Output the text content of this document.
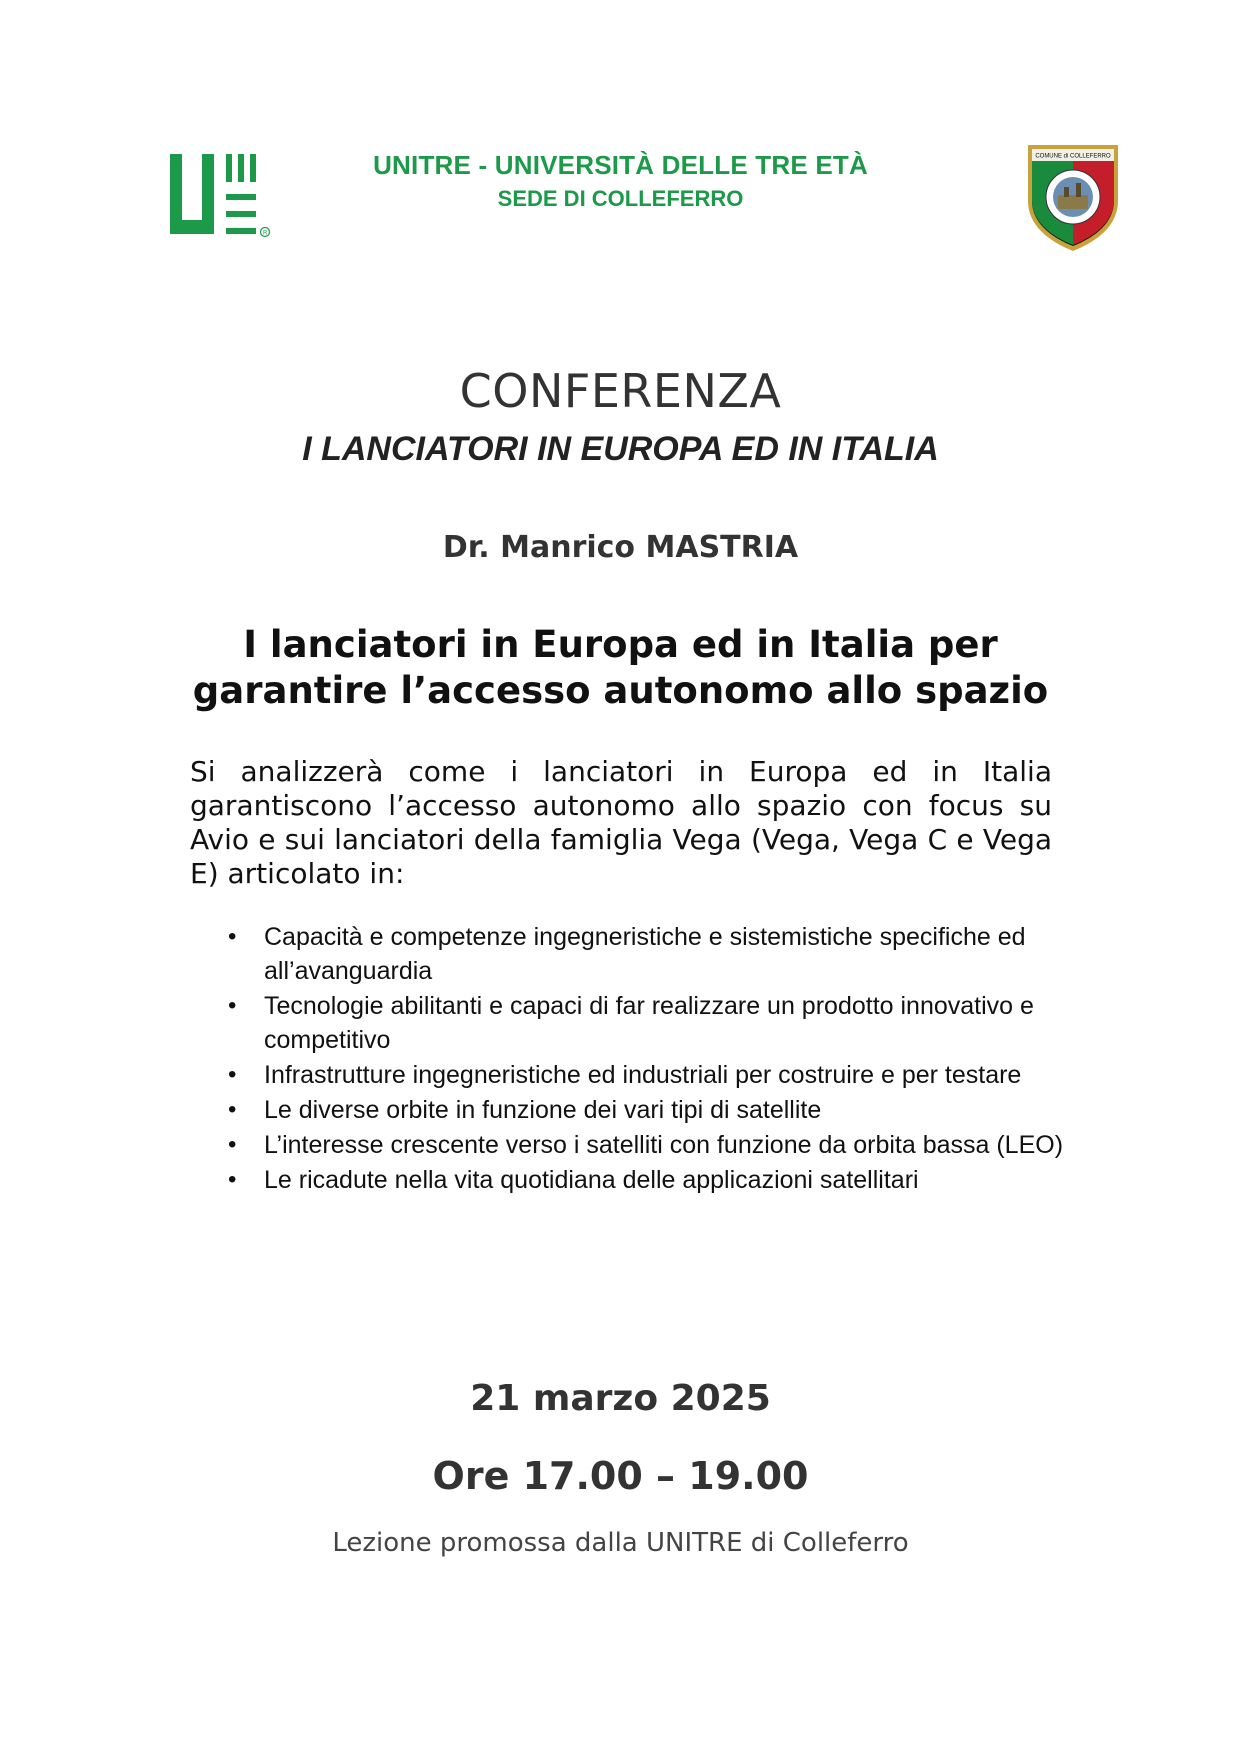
R
COMUNE di COLLEFERRO
UNITRE - UNIVERSITÀ DELLE TRE ETÀ
SEDE DI COLLEFERRO
CONFERENZA
I LANCIATORI IN EUROPA ED IN ITALIA
Dr. Manrico MASTRIA
I lanciatori in Europa ed in Italia per
garantire l’accesso autonomo allo spazio
Si analizzerà come i lanciatori in Europa ed in Italia garantiscono l’accesso autonomo allo spazio con focus su Avio e sui lanciatori della famiglia Vega (Vega, Vega C e Vega E) articolato in:
• Capacità e competenze ingegneristiche e sistemistiche specifiche ed all’avanguardia
• Tecnologie abilitanti e capaci di far realizzare un prodotto innovativo e competitivo
• Infrastrutture ingegneristiche ed industriali per costruire e per testare
• Le diverse orbite in funzione dei vari tipi di satellite
• L’interesse crescente verso i satelliti con funzione da orbita bassa (LEO)
• Le ricadute nella vita quotidiana delle applicazioni satellitari
21 marzo 2025
Ore 17.00 – 19.00
Lezione promossa dalla UNITRE di Colleferro
